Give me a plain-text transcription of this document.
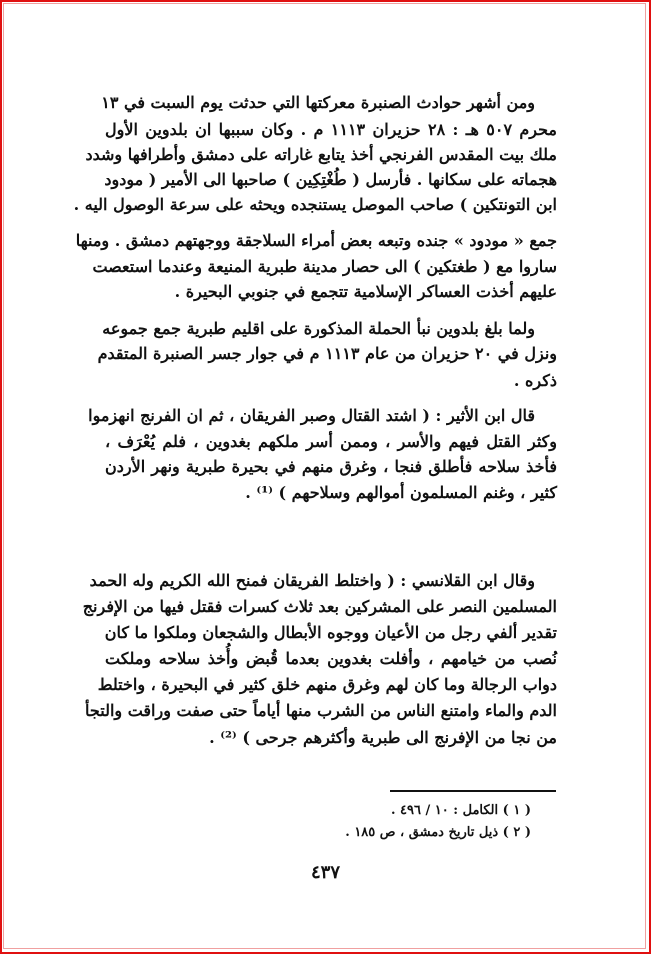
ومن أشهر حوادث الصنبرة معركتها التي حدثت يوم السبت في ١٣
محرم ٥٠٧ هـ : ٢٨ حزيران ١١١٣ م . وكان سببها ان بلدوين الأول
ملك بيت المقدس الفرنجي أخذ يتابع غاراته على دمشق وأطرافها وشدد
هجماته على سكانها . فأرسل ( طُغْتِكِين ) صاحبها الى الأمير ( مودود
ابن التونتكين ) صاحب الموصل يستنجده ويحثه على سرعة الوصول اليه .
جمع « مودود » جنده وتبعه بعض أمراء السلاجقة ووجهتهم دمشق . ومنها
ساروا مع ( طغتكين ) الى حصار مدينة طبرية المنيعة وعندما استعصت
عليهم أخذت العساكر الإسلامية تتجمع في جنوبي البحيرة .
ولما بلغ بلدوين نبأ الحملة المذكورة على اقليم طبرية جمع جموعه
ونزل في ٢٠ حزيران من عام ١١١٣ م في جوار جسر الصنبرة المتقدم
ذكره .
قال ابن الأثير : ( اشتد القتال وصبر الفريقان ، ثم ان الفرنج انهزموا
وكثر القتل فيهم والأسر ، وممن أسر ملكهم بغدوين ، فلم يُعْرَف ،
فأخذ سلاحه فأطلق فنجا ، وغرق منهم في بحيرة طبرية ونهر الأردن
كثير ، وغنم المسلمون أموالهم وسلاحهم ) ⁽¹⁾ .
وقال ابن القلانسي : ( واختلط الفريقان فمنح الله الكريم وله الحمد
المسلمين النصر على المشركين بعد ثلاث كسرات فقتل فيها من الإفرنج
تقدير ألفي رجل من الأعيان ووجوه الأبطال والشجعان وملكوا ما كان
نُصب من خيامهم ، وأفلت بغدوين بعدما قُبض وأُخذ سلاحه وملكت
دواب الرجالة وما كان لهم وغرق منهم خلق كثير في البحيرة ، واختلط
الدم والماء وامتنع الناس من الشرب منها أياماً حتى صفت وراقت والتجأ
من نجا من الإفرنج الى طبرية وأكثرهم جرحى ) ⁽²⁾ .
( ١ ) الكامل : ١٠ / ٤٩٦ .
( ٢ ) ذيل تاريخ دمشق ، ص ١٨٥ .
٤٣٧
